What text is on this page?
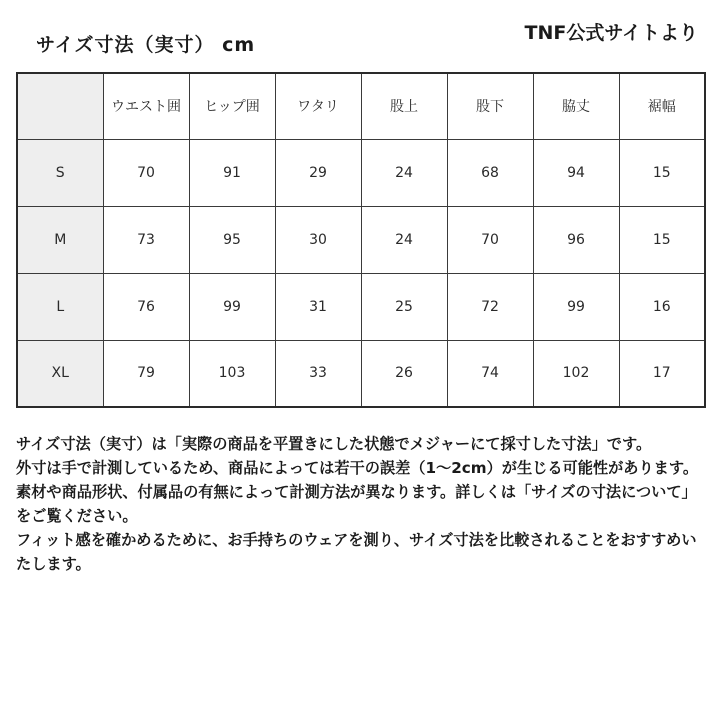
サイズ寸法（実寸） cm
TNF公式サイトより
	ウエスト囲	ヒップ囲	ワタリ	股上	股下	脇丈	裾幅
S	70	91	29	24	68	94	15
M	73	95	30	24	70	96	15
L	76	99	31	25	72	99	16
XL	79	103	33	26	74	102	17

サイズ寸法（実寸）は「実際の商品を平置きにした状態でメジャーにて採寸した寸法」です。

外寸は手で計測しているため、商品によっては若干の誤差（1〜2cm）が生じる可能性があります。

素材や商品形状、付属品の有無によって計測方法が異なります。詳しくは「サイズの寸法について」をご覧ください。

フィット感を確かめるために、お手持ちのウェアを測り、サイズ寸法を比較されることをおすすめいたします。
